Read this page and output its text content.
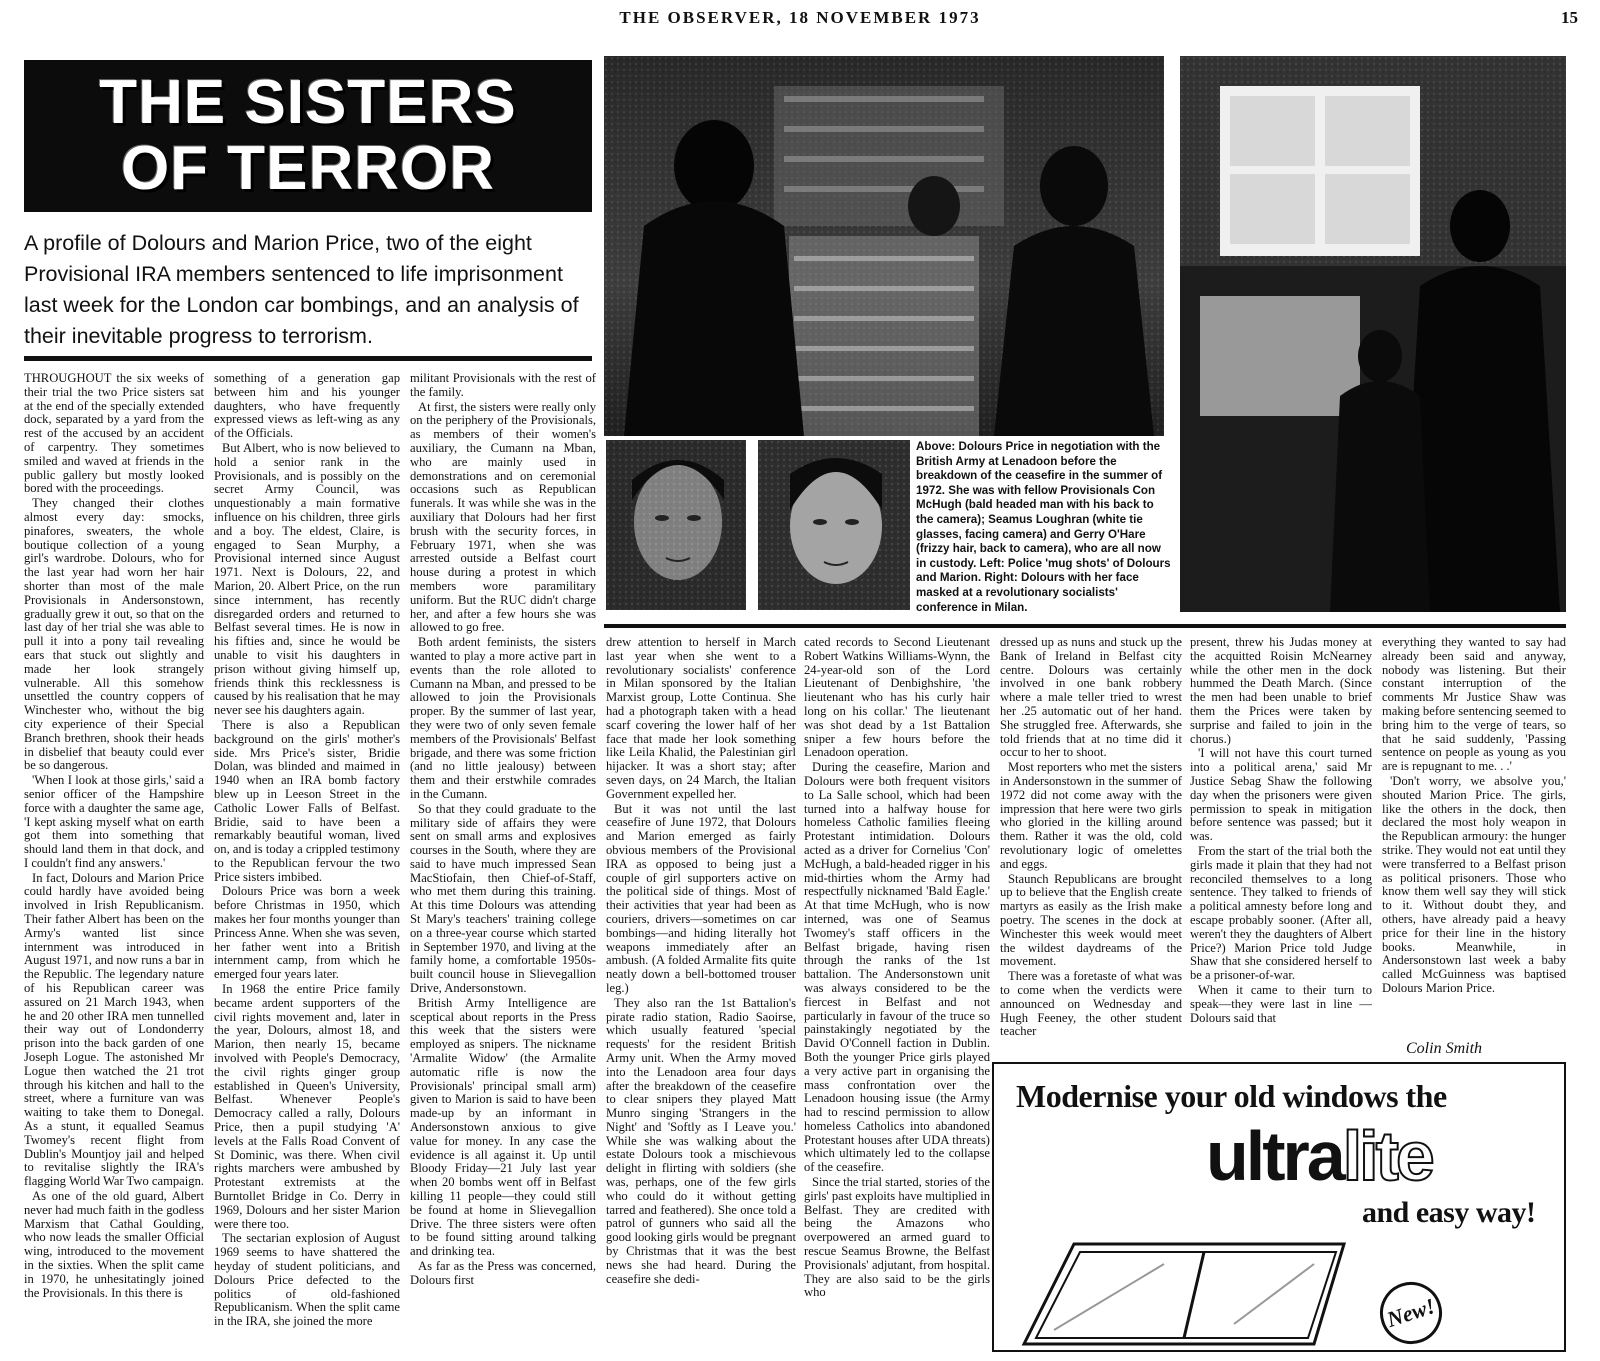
THE OBSERVER, 18 NOVEMBER 1973	15
THE SISTERS
OF TERROR
A profile of Dolours and Marion Price, two of the eight Provisional IRA members sentenced to life imprisonment last week for the London car bombings, and an analysis of their inevitable progress to terrorism.
Above: Dolours Price in negotiation with the British Army at Lenadoon before the breakdown of the ceasefire in the summer of 1972. She was with fellow Provisionals Con McHugh (bald headed man with his back to the camera); Seamus Loughran (white tie glasses, facing camera) and Gerry O'Hare (frizzy hair, back to camera), who are all now in custody. Left: Police 'mug shots' of Dolours and Marion. Right: Dolours with her face masked at a revolutionary socialists' conference in Milan.

THROUGHOUT the six weeks of their trial the two Price sisters sat at the end of the specially extended dock, separated by a yard from the rest of the accused by an accident of carpentry. They sometimes smiled and waved at friends in the public gallery but mostly looked bored with the proceedings.

They changed their clothes almost every day: smocks, pinafores, sweaters, the whole boutique collection of a young girl's wardrobe. Dolours, who for the last year had worn her hair shorter than most of the male Provisionals in Andersonstown, gradually grew it out, so that on the last day of her trial she was able to pull it into a pony tail revealing ears that stuck out slightly and made her look strangely vulnerable. All this somehow unsettled the country coppers of Winchester who, without the big city experience of their Special Branch brethren, shook their heads in disbelief that beauty could ever be so dangerous.

'When I look at those girls,' said a senior officer of the Hampshire force with a daughter the same age, 'I kept asking myself what on earth got them into something that should land them in that dock, and I couldn't find any answers.'

In fact, Dolours and Marion Price could hardly have avoided being involved in Irish Republicanism. Their father Albert has been on the Army's wanted list since internment was introduced in August 1971, and now runs a bar in the Republic. The legendary nature of his Republican career was assured on 21 March 1943, when he and 20 other IRA men tunnelled their way out of Londonderry prison into the back garden of one Joseph Logue. The astonished Mr Logue then watched the 21 trot through his kitchen and hall to the street, where a furniture van was waiting to take them to Donegal. As a stunt, it equalled Seamus Twomey's recent flight from Dublin's Mountjoy jail and helped to revitalise slightly the IRA's flagging World War Two campaign.

As one of the old guard, Albert never had much faith in the godless Marxism that Cathal Goulding, who now leads the smaller Official wing, introduced to the movement in the sixties. When the split came in 1970, he unhesitatingly joined the Provisionals. In this there is

something of a generation gap between him and his younger daughters, who have frequently expressed views as left-wing as any of the Officials.

But Albert, who is now believed to hold a senior rank in the Provisionals, and is possibly on the secret Army Council, was unquestionably a main formative influence on his children, three girls and a boy. The eldest, Claire, is engaged to Sean Murphy, a Provisional interned since August 1971. Next is Dolours, 22, and Marion, 20. Albert Price, on the run since internment, has recently disregarded orders and returned to Belfast several times. He is now in his fifties and, since he would be unable to visit his daughters in prison without giving himself up, friends think this recklessness is caused by his realisation that he may never see his daughters again.

There is also a Republican background on the girls' mother's side. Mrs Price's sister, Bridie Dolan, was blinded and maimed in 1940 when an IRA bomb factory blew up in Leeson Street in the Catholic Lower Falls of Belfast. Bridie, said to have been a remarkably beautiful woman, lived on, and is today a crippled testimony to the Republican fervour the two Price sisters imbibed.

Dolours Price was born a week before Christmas in 1950, which makes her four months younger than Princess Anne. When she was seven, her father went into a British internment camp, from which he emerged four years later.

In 1968 the entire Price family became ardent supporters of the civil rights movement and, later in the year, Dolours, almost 18, and Marion, then nearly 15, became involved with People's Democracy, the civil rights ginger group established in Queen's University, Belfast. Whenever People's Democracy called a rally, Dolours Price, then a pupil studying 'A' levels at the Falls Road Convent of St Dominic, was there. When civil rights marchers were ambushed by Protestant extremists at the Burntollet Bridge in Co. Derry in 1969, Dolours and her sister Marion were there too.

The sectarian explosion of August 1969 seems to have shattered the heyday of student politicians, and Dolours Price defected to the politics of old-fashioned Republicanism. When the split came in the IRA, she joined the more

militant Provisionals with the rest of the family.

At first, the sisters were really only on the periphery of the Provisionals, as members of their women's auxiliary, the Cumann na Mban, who are mainly used in demonstrations and on ceremonial occasions such as Republican funerals. It was while she was in the auxiliary that Dolours had her first brush with the security forces, in February 1971, when she was arrested outside a Belfast court house during a protest in which members wore paramilitary uniform. But the RUC didn't charge her, and after a few hours she was allowed to go free.

Both ardent feminists, the sisters wanted to play a more active part in events than the role alloted to Cumann na Mban, and pressed to be allowed to join the Provisionals proper. By the summer of last year, they were two of only seven female members of the Provisionals' Belfast brigade, and there was some friction (and no little jealousy) between them and their erstwhile comrades in the Cumann.

So that they could graduate to the military side of affairs they were sent on small arms and explosives courses in the South, where they are said to have much impressed Sean MacStiofain, then Chief-of-Staff, who met them during this training. At this time Dolours was attending St Mary's teachers' training college on a three-year course which started in September 1970, and living at the family home, a comfortable 1950s-built council house in Slievegallion Drive, Andersonstown.

British Army Intelligence are sceptical about reports in the Press this week that the sisters were employed as snipers. The nickname 'Armalite Widow' (the Armalite automatic rifle is now the Provisionals' principal small arm) given to Marion is said to have been made-up by an informant in Andersonstown anxious to give value for money. In any case the evidence is all against it. Up until Bloody Friday—21 July last year when 20 bombs went off in Belfast killing 11 people—they could still be found at home in Slievegallion Drive. The three sisters were often to be found sitting around talking and drinking tea.

As far as the Press was concerned, Dolours first

drew attention to herself in March last year when she went to a revolutionary socialists' conference in Milan sponsored by the Italian Marxist group, Lotte Continua. She had a photograph taken with a head scarf covering the lower half of her face that made her look something like Leila Khalid, the Palestinian girl hijacker. It was a short stay; after seven days, on 24 March, the Italian Government expelled her.

But it was not until the last ceasefire of June 1972, that Dolours and Marion emerged as fairly obvious members of the Provisional IRA as opposed to being just a couple of girl supporters active on the political side of things. Most of their activities that year had been as couriers, drivers—sometimes on car bombings—and hiding literally hot weapons immediately after an ambush. (A folded Armalite fits quite neatly down a bell-bottomed trouser leg.)

They also ran the 1st Battalion's pirate radio station, Radio Saoirse, which usually featured 'special requests' for the resident British Army unit. When the Army moved into the Lenadoon area four days after the breakdown of the ceasefire to clear snipers they played Matt Munro singing 'Strangers in the Night' and 'Softly as I Leave you.' While she was walking about the estate Dolours took a mischievous delight in flirting with soldiers (she was, perhaps, one of the few girls who could do it without getting tarred and feathered). She once told a patrol of gunners who said all the good looking girls would be pregnant by Christmas that it was the best news she had heard. During the ceasefire she dedi-

cated records to Second Lieutenant Robert Watkins Williams-Wynn, the 24-year-old son of the Lord Lieutenant of Denbighshire, 'the lieutenant who has his curly hair long on his collar.' The lieutenant was shot dead by a 1st Battalion sniper a few hours before the Lenadoon operation.

During the ceasefire, Marion and Dolours were both frequent visitors to La Salle school, which had been turned into a halfway house for homeless Catholic families fleeing Protestant intimidation. Dolours acted as a driver for Cornelius 'Con' McHugh, a bald-headed rigger in his mid-thirties whom the Army had respectfully nicknamed 'Bald Eagle.' At that time McHugh, who is now interned, was one of Seamus Twomey's staff officers in the Belfast brigade, having risen through the ranks of the 1st battalion. The Andersonstown unit was always considered to be the fiercest in Belfast and not particularly in favour of the truce so painstakingly negotiated by the David O'Connell faction in Dublin. Both the younger Price girls played a very active part in organising the mass confrontation over the Lenadoon housing issue (the Army had to rescind permission to allow homeless Catholics into abandoned Protestant houses after UDA threats) which ultimately led to the collapse of the ceasefire.

Since the trial started, stories of the girls' past exploits have multiplied in Belfast. They are credited with being the Amazons who overpowered an armed guard to rescue Seamus Browne, the Belfast Provisionals' adjutant, from hospital. They are also said to be the girls who

dressed up as nuns and stuck up the Bank of Ireland in Belfast city centre. Dolours was certainly involved in one bank robbery where a male teller tried to wrest her .25 automatic out of her hand. She struggled free. Afterwards, she told friends that at no time did it occur to her to shoot.

Most reporters who met the sisters in Andersonstown in the summer of 1972 did not come away with the impression that here were two girls who gloried in the killing around them. Rather it was the old, cold revolutionary logic of omelettes and eggs.

Staunch Republicans are brought up to believe that the English create martyrs as easily as the Irish make poetry. The scenes in the dock at Winchester this week would meet the wildest daydreams of the movement.

There was a foretaste of what was to come when the verdicts were announced on Wednesday and Hugh Feeney, the other student teacher

present, threw his Judas money at the acquitted Roisin McNearney while the other men in the dock hummed the Death March. (Since the men had been unable to brief them the Prices were taken by surprise and failed to join in the chorus.)

'I will not have this court turned into a political arena,' said Mr Justice Sebag Shaw the following day when the prisoners were given permission to speak in mitigation before sentence was passed; but it was.

From the start of the trial both the girls made it plain that they had not reconciled themselves to a long sentence. They talked to friends of a political amnesty before long and escape probably sooner. (After all, weren't they the daughters of Albert Price?) Marion Price told Judge Shaw that she considered herself to be a prisoner-of-war.

When it came to their turn to speak—they were last in line — Dolours said that

everything they wanted to say had already been said and anyway, nobody was listening. But their constant interruption of the comments Mr Justice Shaw was making before sentencing seemed to bring him to the verge of tears, so that he said suddenly, 'Passing sentence on people as young as you are is repugnant to me. . .'

'Don't worry, we absolve you,' shouted Marion Price. The girls, like the others in the dock, then declared the most holy weapon in the Republican armoury: the hunger strike. They would not eat until they were transferred to a Belfast prison as political prisoners. Those who know them well say they will stick to it. Without doubt they, and others, have already paid a heavy price for their line in the history books. Meanwhile, in Andersonstown last week a baby called McGuinness was baptised Dolours Marion Price.

Colin Smith
Modernise your old windows the
ultralite
and easy way!
New!
